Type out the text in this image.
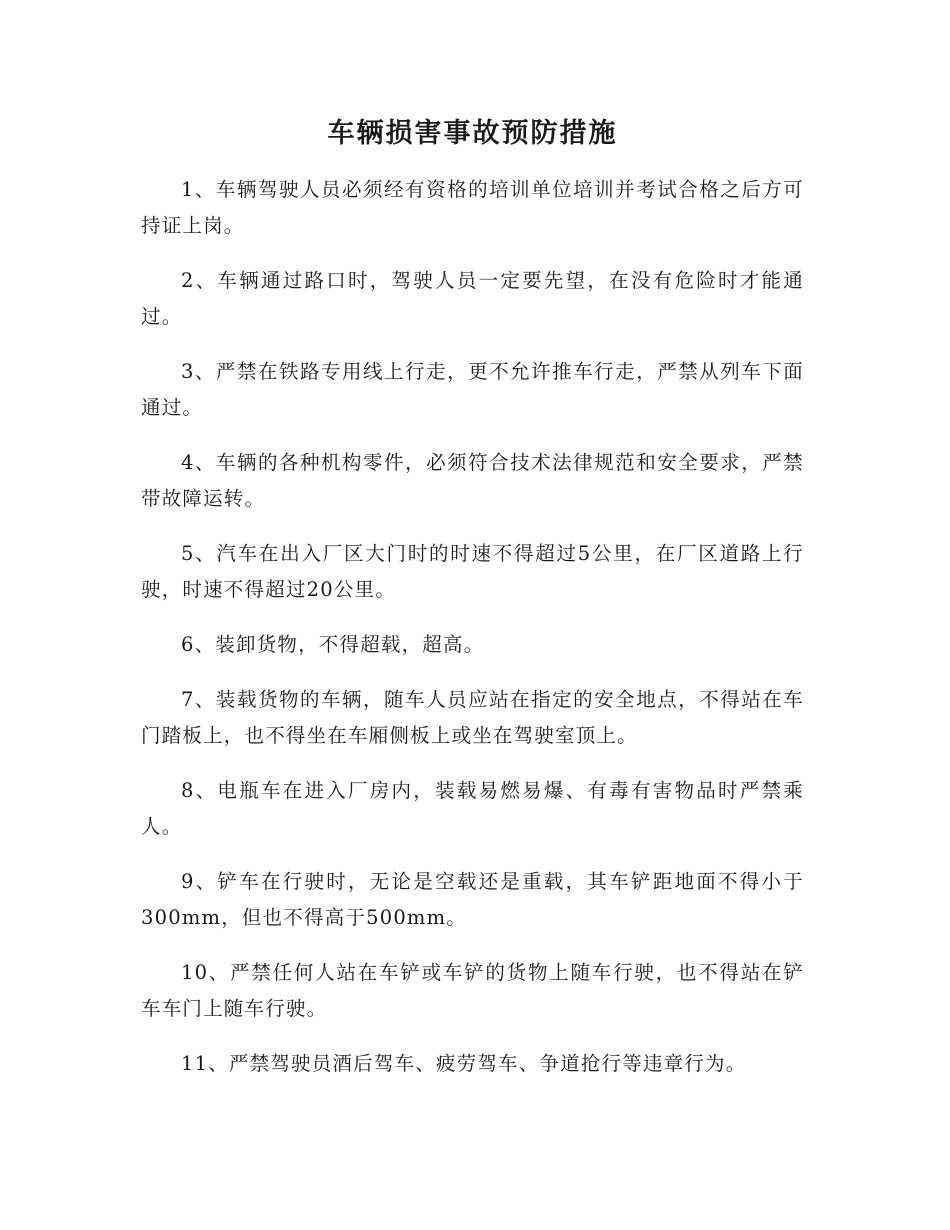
车辆损害事故预防措施

1、车辆驾驶人员必须经有资格的培训单位培训并考试合格之后方可持证上岗。

2、车辆通过路口时，驾驶人员一定要先望，在没有危险时才能通过。

3、严禁在铁路专用线上行走，更不允许推车行走，严禁从列车下面通过。

4、车辆的各种机构零件，必须符合技术法律规范和安全要求，严禁带故障运转。

5、汽车在出入厂区大门时的时速不得超过5公里，在厂区道路上行驶，时速不得超过20公里。

6、装卸货物，不得超载，超高。

7、装载货物的车辆，随车人员应站在指定的安全地点，不得站在车门踏板上，也不得坐在车厢侧板上或坐在驾驶室顶上。

8、电瓶车在进入厂房内，装载易燃易爆、有毒有害物品时严禁乘人。

9、铲车在行驶时，无论是空载还是重载，其车铲距地面不得小于300mm，但也不得高于500mm。

10、严禁任何人站在车铲或车铲的货物上随车行驶，也不得站在铲车车门上随车行驶。

11、严禁驾驶员酒后驾车、疲劳驾车、争道抢行等违章行为。
